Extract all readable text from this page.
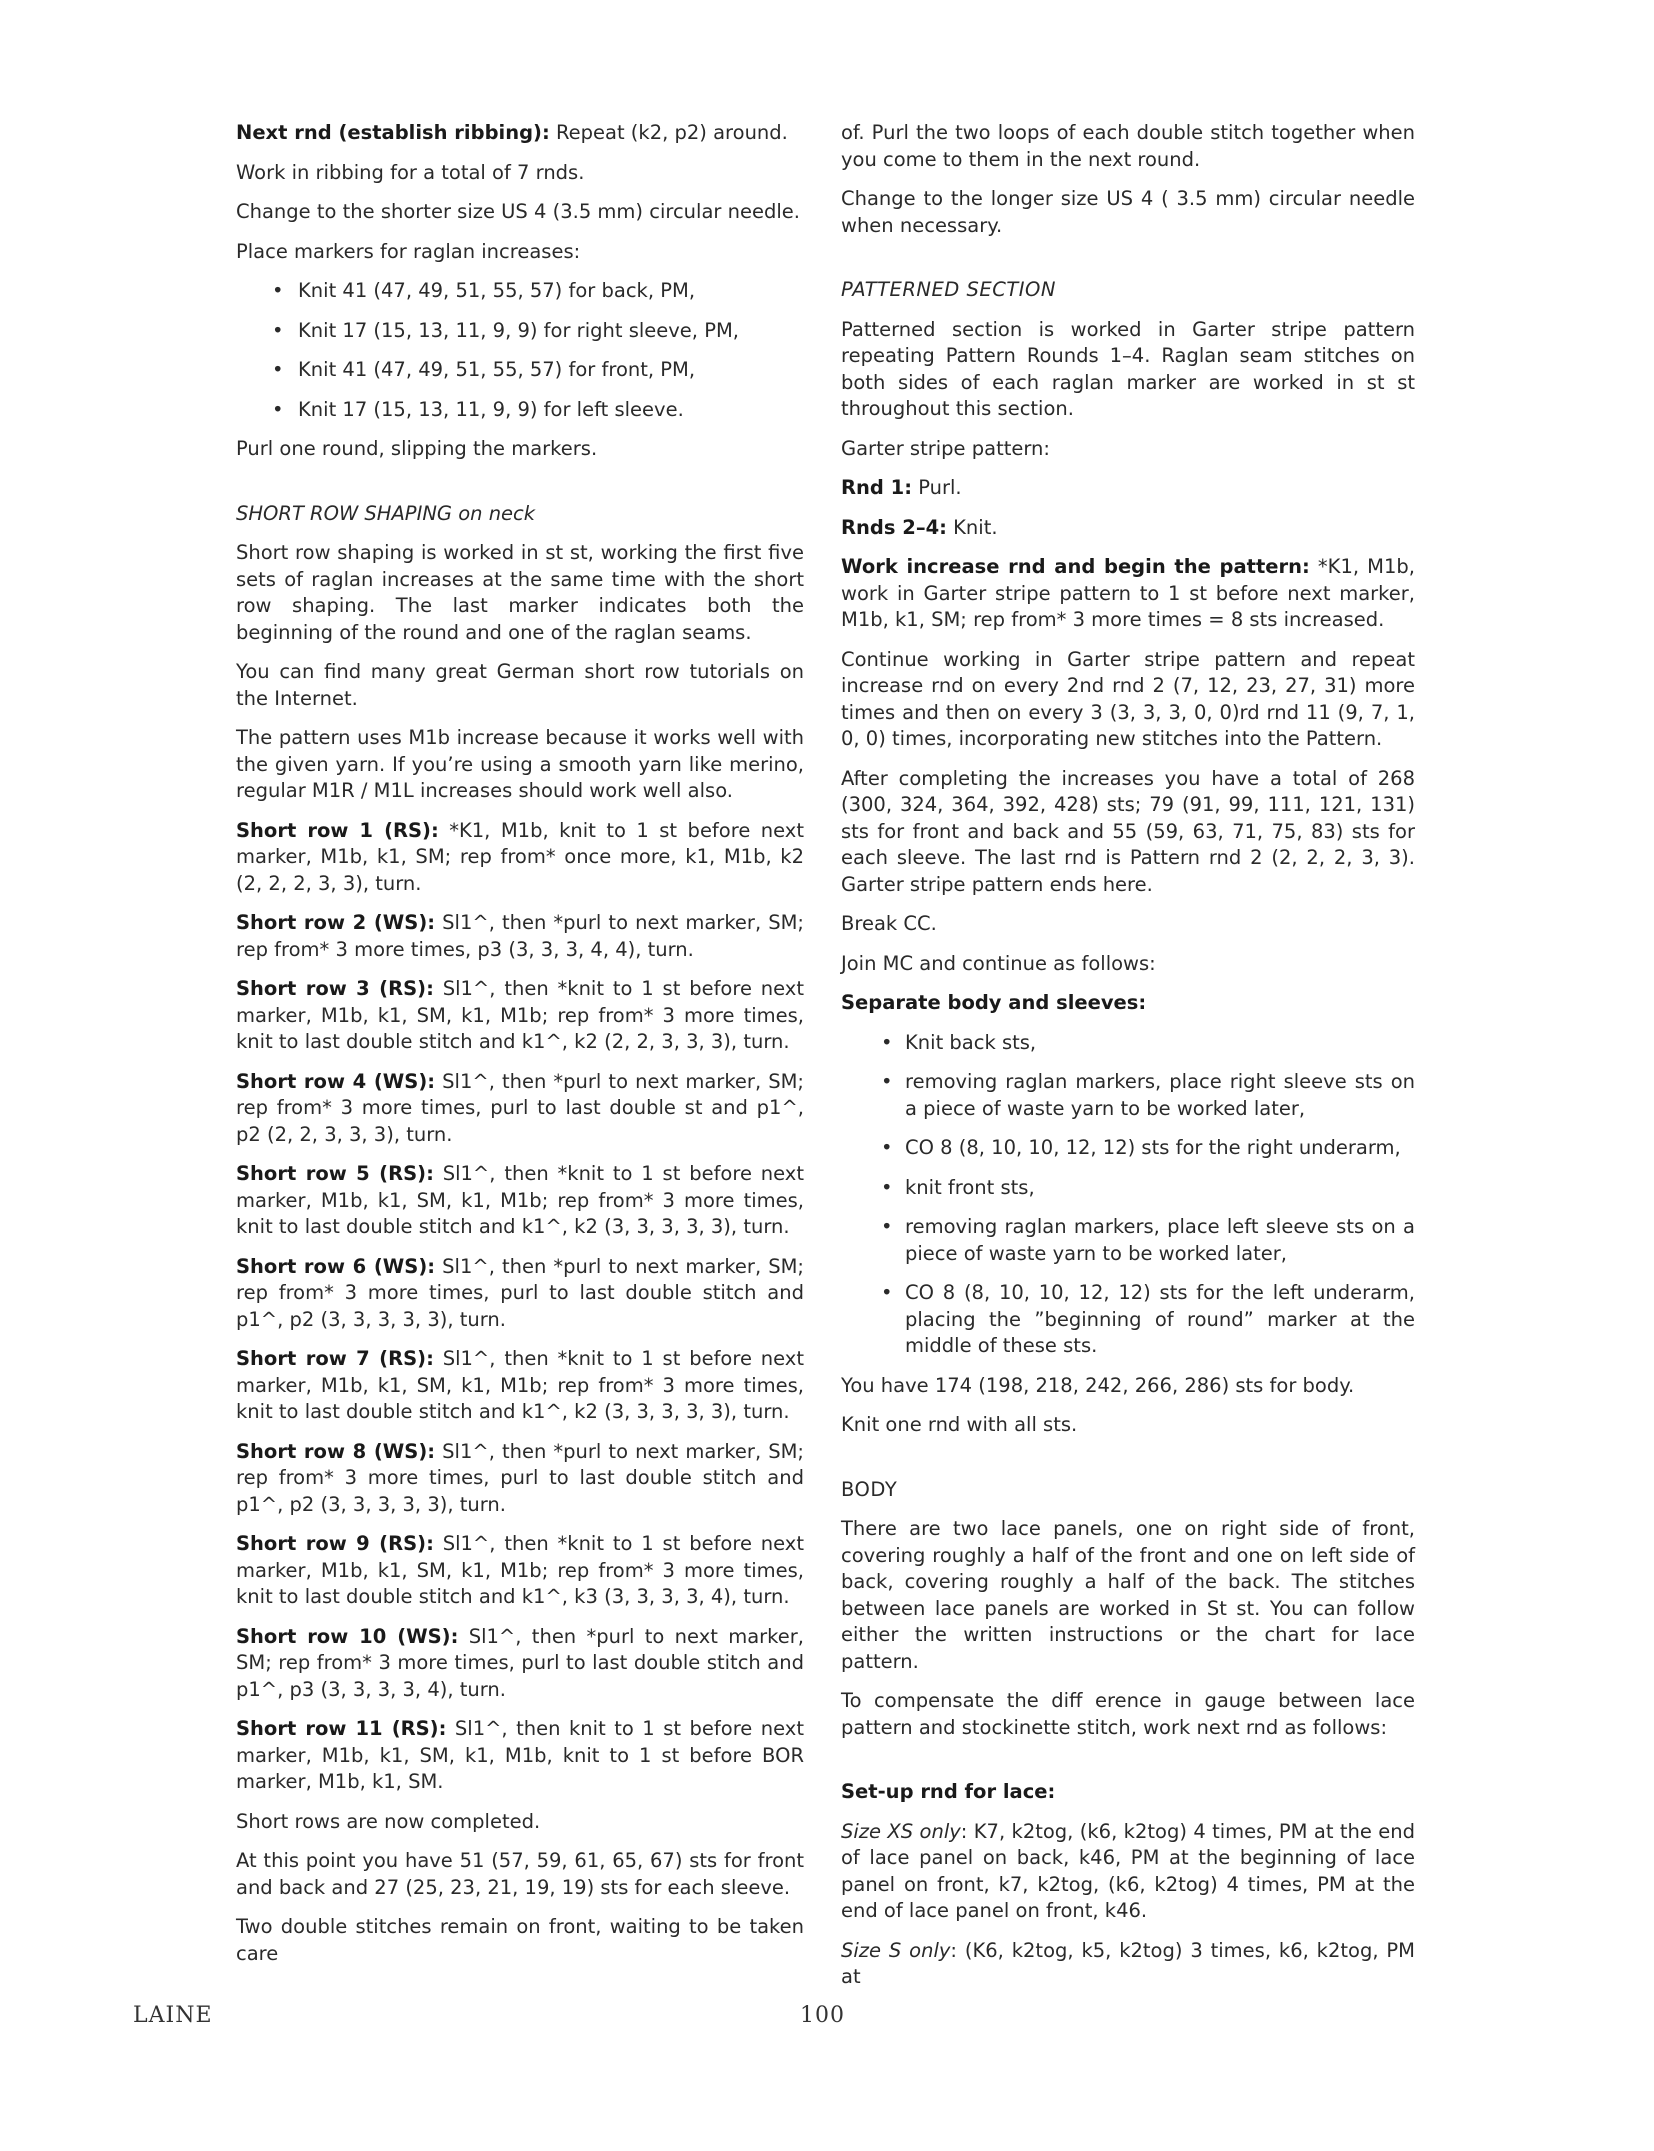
Next rnd (establish ribbing): Repeat (k2, p2) around.

Work in ribbing for a total of 7 rnds.

Change to the shorter size US 4 (3.5 mm) circular needle.

Place markers for raglan increases:

• Knit 41 (47, 49, 51, 55, 57) for back, PM,
• Knit 17 (15, 13, 11, 9, 9) for right sleeve, PM,
• Knit 41 (47, 49, 51, 55, 57) for front, PM,
• Knit 17 (15, 13, 11, 9, 9) for left sleeve.

Purl one round, slipping the markers.

SHORT ROW SHAPING on neck

Short row shaping is worked in st st, working the first five sets of raglan increases at the same time with the short row shaping. The last marker indicates both the beginning of the round and one of the raglan seams.

You can find many great German short row tutorials on the Internet.

The pattern uses M1b increase because it works well with the given yarn. If you’re using a smooth yarn like merino, regular M1R / M1L increases should work well also.

Short row 1 (RS): *K1, M1b, knit to 1 st before next marker, M1b, k1, SM; rep from* once more, k1, M1b, k2 (2, 2, 2, 3, 3), turn.

Short row 2 (WS): Sl1^, then *purl to next marker, SM; rep from* 3 more times, p3 (3, 3, 3, 4, 4), turn.

Short row 3 (RS): Sl1^, then *knit to 1 st before next marker, M1b, k1, SM, k1, M1b; rep from* 3 more times, knit to last double stitch and k1^, k2 (2, 2, 3, 3, 3), turn.

Short row 4 (WS): Sl1^, then *purl to next marker, SM; rep from* 3 more times, purl to last double st and p1^, p2 (2, 2, 3, 3, 3), turn.

Short row 5 (RS): Sl1^, then *knit to 1 st before next marker, M1b, k1, SM, k1, M1b; rep from* 3 more times, knit to last double stitch and k1^, k2 (3, 3, 3, 3, 3), turn.

Short row 6 (WS): Sl1^, then *purl to next marker, SM; rep from* 3 more times, purl to last double stitch and p1^, p2 (3, 3, 3, 3, 3), turn.

Short row 7 (RS): Sl1^, then *knit to 1 st before next marker, M1b, k1, SM, k1, M1b; rep from* 3 more times, knit to last double stitch and k1^, k2 (3, 3, 3, 3, 3), turn.

Short row 8 (WS): Sl1^, then *purl to next marker, SM; rep from* 3 more times, purl to last double stitch and p1^, p2 (3, 3, 3, 3, 3), turn.

Short row 9 (RS): Sl1^, then *knit to 1 st before next marker, M1b, k1, SM, k1, M1b; rep from* 3 more times, knit to last double stitch and k1^, k3 (3, 3, 3, 3, 4), turn.

Short row 10 (WS): Sl1^, then *purl to next marker, SM; rep from* 3 more times, purl to last double stitch and p1^, p3 (3, 3, 3, 3, 4), turn.

Short row 11 (RS): Sl1^, then knit to 1 st before next marker, M1b, k1, SM, k1, M1b, knit to 1 st before BOR marker, M1b, k1, SM.

Short rows are now completed.

At this point you have 51 (57, 59, 61, 65, 67) sts for front and back and 27 (25, 23, 21, 19, 19) sts for each sleeve.

Two double stitches remain on front, waiting to be taken care

of. Purl the two loops of each double stitch together when you come to them in the next round.

Change to the longer size US 4 ( 3.5 mm) circular needle when necessary.

PATTERNED SECTION

Patterned section is worked in Garter stripe pattern repeating Pattern Rounds 1–4. Raglan seam stitches on both sides of each raglan marker are worked in st st throughout this section.

Garter stripe pattern:

Rnd 1: Purl.

Rnds 2–4: Knit.

Work increase rnd and begin the pattern: *K1, M1b, work in Garter stripe pattern to 1 st before next marker, M1b, k1, SM; rep from* 3 more times = 8 sts increased.

Continue working in Garter stripe pattern and repeat increase rnd on every 2nd rnd 2 (7, 12, 23, 27, 31) more times and then on every 3 (3, 3, 3, 0, 0)rd rnd 11 (9, 7, 1, 0, 0) times, incorporating new stitches into the Pattern.

After completing the increases you have a total of 268 (300, 324, 364, 392, 428) sts; 79 (91, 99, 111, 121, 131) sts for front and back and 55 (59, 63, 71, 75, 83) sts for each sleeve. The last rnd is Pattern rnd 2 (2, 2, 2, 3, 3). Garter stripe pattern ends here.

Break CC.

Join MC and continue as follows:

Separate body and sleeves:

• Knit back sts,
• removing raglan markers, place right sleeve sts on a piece of waste yarn to be worked later,
• CO 8 (8, 10, 10, 12, 12) sts for the right underarm,
• knit front sts,
• removing raglan markers, place left sleeve sts on a piece of waste yarn to be worked later,
• CO 8 (8, 10, 10, 12, 12) sts for the left underarm, placing the ”beginning of round” marker at the middle of these sts.

You have 174 (198, 218, 242, 266, 286) sts for body.

Knit one rnd with all sts.

BODY

There are two lace panels, one on right side of front, covering roughly a half of the front and one on left side of back, covering roughly a half of the back. The stitches between lace panels are worked in St st. You can follow either the written instructions or the chart for lace pattern.

To compensate the diff erence in gauge between lace pattern and stockinette stitch, work next rnd as follows:

Set-up rnd for lace:

Size XS only: K7, k2tog, (k6, k2tog) 4 times, PM at the end of lace panel on back, k46, PM at the beginning of lace panel on front, k7, k2tog, (k6, k2tog) 4 times, PM at the end of lace panel on front, k46.

Size S only: (K6, k2tog, k5, k2tog) 3 times, k6, k2tog, PM at

LAINE	100
